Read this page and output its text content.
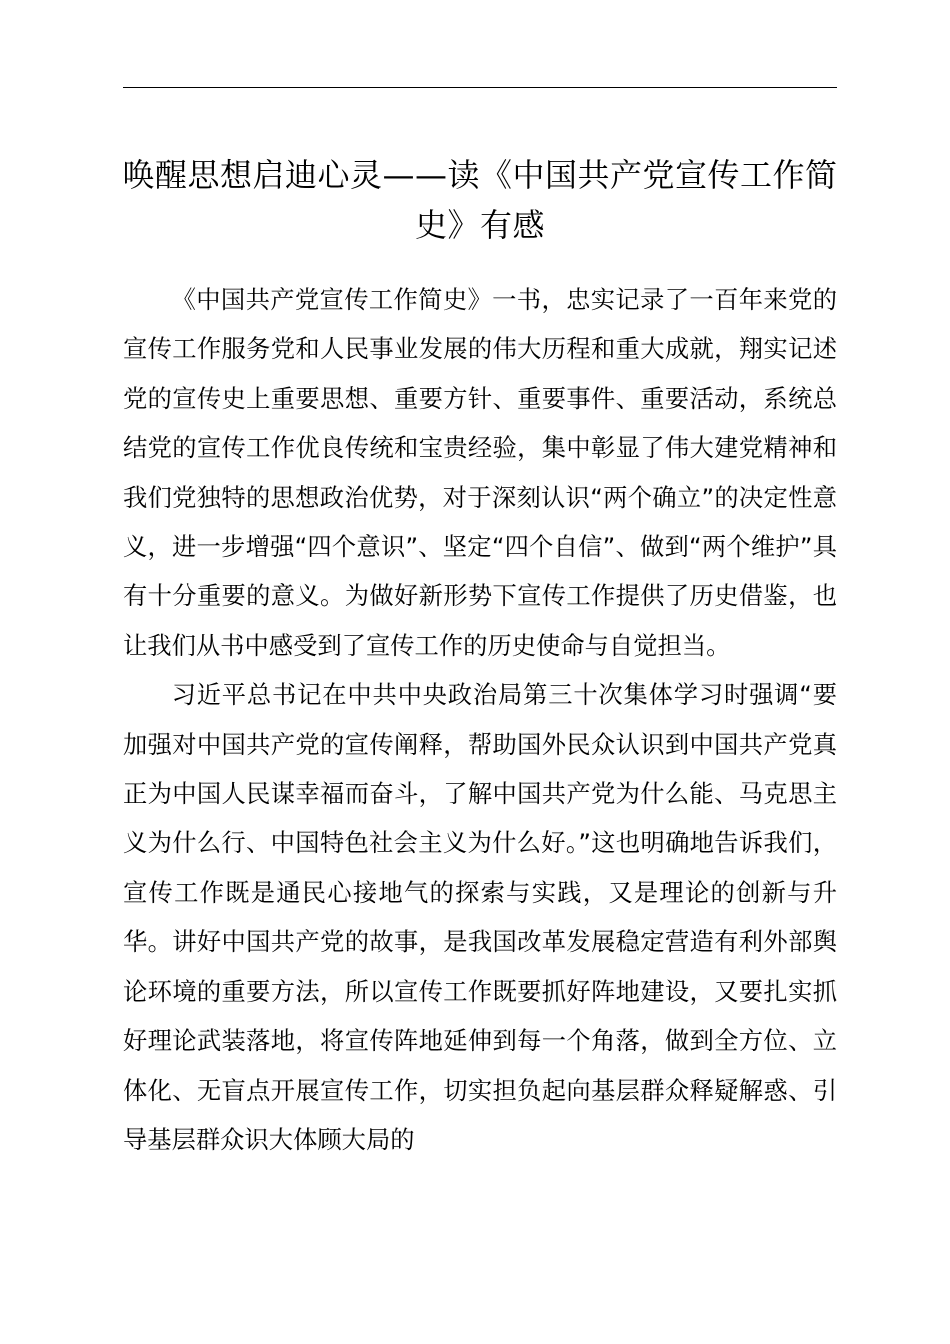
唤醒思想启迪心灵——读《中国共产党宣传工作简史》有感

《中国共产党宣传工作简史》一书，忠实记录了一百年来党的宣传工作服务党和人民事业发展的伟大历程和重大成就，翔实记述党的宣传史上重要思想、重要方针、重要事件、重要活动，系统总结党的宣传工作优良传统和宝贵经验，集中彰显了伟大建党精神和我们党独特的思想政治优势，对于深刻认识“两个确立”的决定性意义，进一步增强“四个意识”、坚定“四个自信”、做到“两个维护”具有十分重要的意义。为做好新形势下宣传工作提供了历史借鉴，也让我们从书中感受到了宣传工作的历史使命与自觉担当。

习近平总书记在中共中央政治局第三十次集体学习时强调“要加强对中国共产党的宣传阐释，帮助国外民众认识到中国共产党真正为中国人民谋幸福而奋斗，了解中国共产党为什么能、马克思主义为什么行、中国特色社会主义为什么好。”这也明确地告诉我们，宣传工作既是通民心接地气的探索与实践，又是理论的创新与升华。讲好中国共产党的故事，是我国改革发展稳定营造有利外部舆论环境的重要方法，所以宣传工作既要抓好阵地建设，又要扎实抓好理论武装落地，将宣传阵地延伸到每一个角落，做到全方位、立体化、无盲点开展宣传工作，切实担负起向基层群众释疑解惑、引导基层群众识大体顾大局的
